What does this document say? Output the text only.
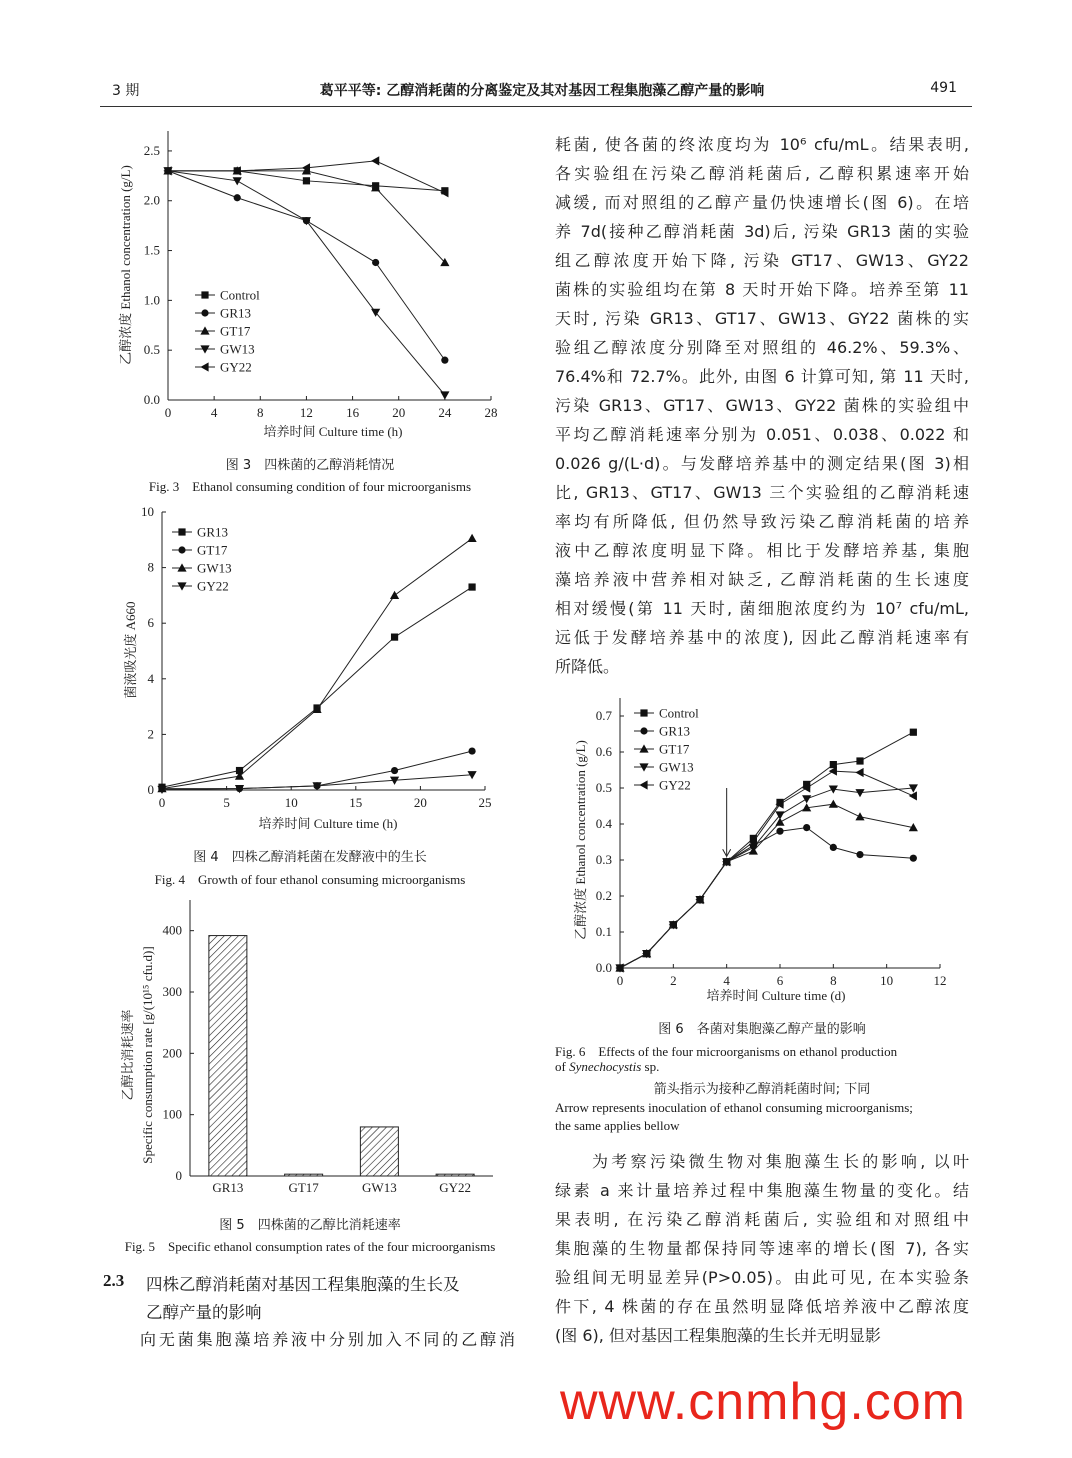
3 期	葛平平等: 乙醇消耗菌的分离鉴定及其对基因工程集胞藻乙醇产量的影响	491
0.0
0.5
1.0
1.5
2.0
2.5
0	4	8	12	16	20	24	28
培养时间 Culture time (h)
乙醇浓度 Ethanol concentration (g/L)	Control
GR13
GT17
GW13
GY22
0
2
4
6
8
10
0	5	10	15	20	25
培养时间 Culture time (h)
菌液吸光度 A660
GR13
GT17
GW13
GY22
0
100
200
300
400
GR13	GT17	GW13	GY22
乙醇比消耗速率 Specific consumption rate [g/(10¹⁵ cfu.d)]	0.0
0.1
0.2
0.3
0.4
0.5
0.6
0.7
0	2	4	6	8	10	12
培养时间 Culture time (d)
乙醇浓度 Ethanol concentration (g/L)
Control
GR13
GT17
GW13
GY22
图 3　四株菌的乙醇消耗情况
Fig. 3　Ethanol consuming condition of four microorganisms
图 4　四株乙醇消耗菌在发酵液中的生长
Fig. 4　Growth of four ethanol consuming microorganisms
图 5　四株菌的乙醇比消耗速率
Fig. 5　Specific ethanol consumption rates of the four microorganisms
图 6　各菌对集胞藻乙醇产量的影响
Fig. 6　Effects of the four microorganisms on ethanol production
of Synechocystis sp.
箭头指示为接种乙醇消耗菌时间; 下同
Arrow represents inoculation of ethanol consuming microorganisms;
the same applies bellow
2.3 四株乙醇消耗菌对基因工程集胞藻的生长及
乙醇产量的影响
向无菌集胞藻培养液中分别加入不同的乙醇消
耗菌, 使各菌的终浓度均为 10⁶ cfu/mL。结果表明,
各实验组在污染乙醇消耗菌后, 乙醇积累速率开始
减缓, 而对照组的乙醇产量仍快速增长(图 6)。在培
养 7d(接种乙醇消耗菌 3d)后, 污染 GR13 菌的实验
组乙醇浓度开始下降, 污染 GT17、GW13、GY22
菌株的实验组均在第 8 天时开始下降。培养至第 11
天时, 污染 GR13、GT17、GW13、GY22 菌株的实
验组乙醇浓度分别降至对照组的 46.2%、59.3%、
76.4%和 72.7%。此外, 由图 6 计算可知, 第 11 天时,
污染 GR13、GT17、GW13、GY22 菌株的实验组中
平均乙醇消耗速率分别为 0.051、0.038、0.022 和
0.026 g/(L·d)。与发酵培养基中的测定结果(图 3)相
比, GR13、GT17、GW13 三个实验组的乙醇消耗速
率均有所降低, 但仍然导致污染乙醇消耗菌的培养
液中乙醇浓度明显下降。相比于发酵培养基, 集胞
藻培养液中营养相对缺乏, 乙醇消耗菌的生长速度
相对缓慢(第 11 天时, 菌细胞浓度约为 10⁷ cfu/mL,
远低于发酵培养基中的浓度), 因此乙醇消耗速率有
所降低。
为考察污染微生物对集胞藻生长的影响, 以叶
绿素 a 来计量培养过程中集胞藻生物量的变化。结
果表明, 在污染乙醇消耗菌后, 实验组和对照组中
集胞藻的生物量都保持同等速率的增长(图 7), 各实
验组间无明显差异(P>0.05)。由此可见, 在本实验条
件下, 4 株菌的存在虽然明显降低培养液中乙醇浓度
(图 6), 但对基因工程集胞藻的生长并无明显影
www.cnmhg.com
